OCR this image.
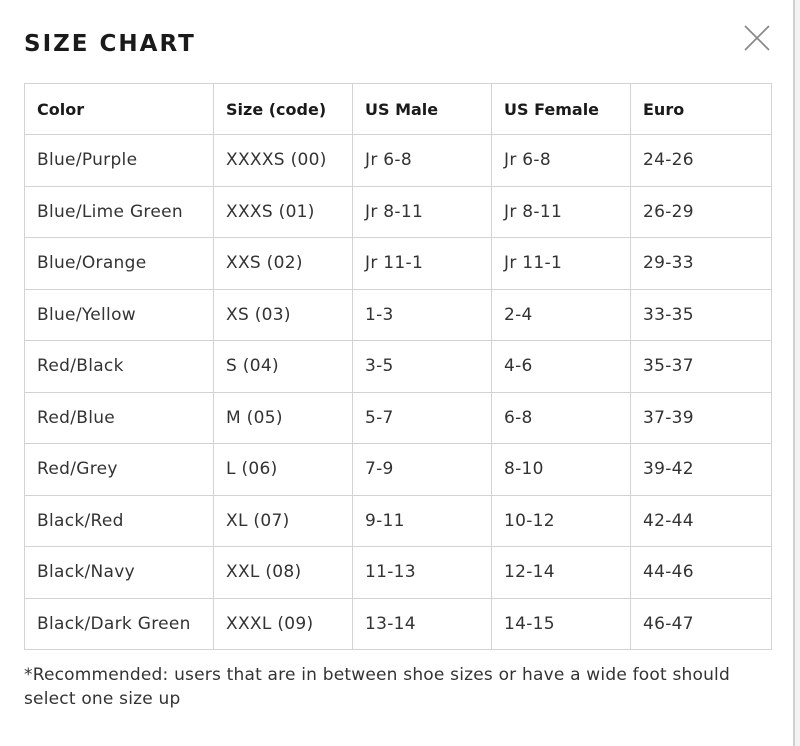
SIZE CHART
Color	Size (code)	US Male	US Female	Euro
Blue/Purple	XXXXS (00)	Jr 6-8	Jr 6-8	24-26
Blue/Lime Green	XXXS (01)	Jr 8-11	Jr 8-11	26-29
Blue/Orange	XXS (02)	Jr 11-1	Jr 11-1	29-33
Blue/Yellow	XS (03)	1-3	2-4	33-35
Red/Black	S (04)	3-5	4-6	35-37
Red/Blue	M (05)	5-7	6-8	37-39
Red/Grey	L (06)	7-9	8-10	39-42
Black/Red	XL (07)	9-11	10-12	42-44
Black/Navy	XXL (08)	11-13	12-14	44-46
Black/Dark Green	XXXL (09)	13-14	14-15	46-47

*Recommended: users that are in between shoe sizes or have a wide foot should select one size up
